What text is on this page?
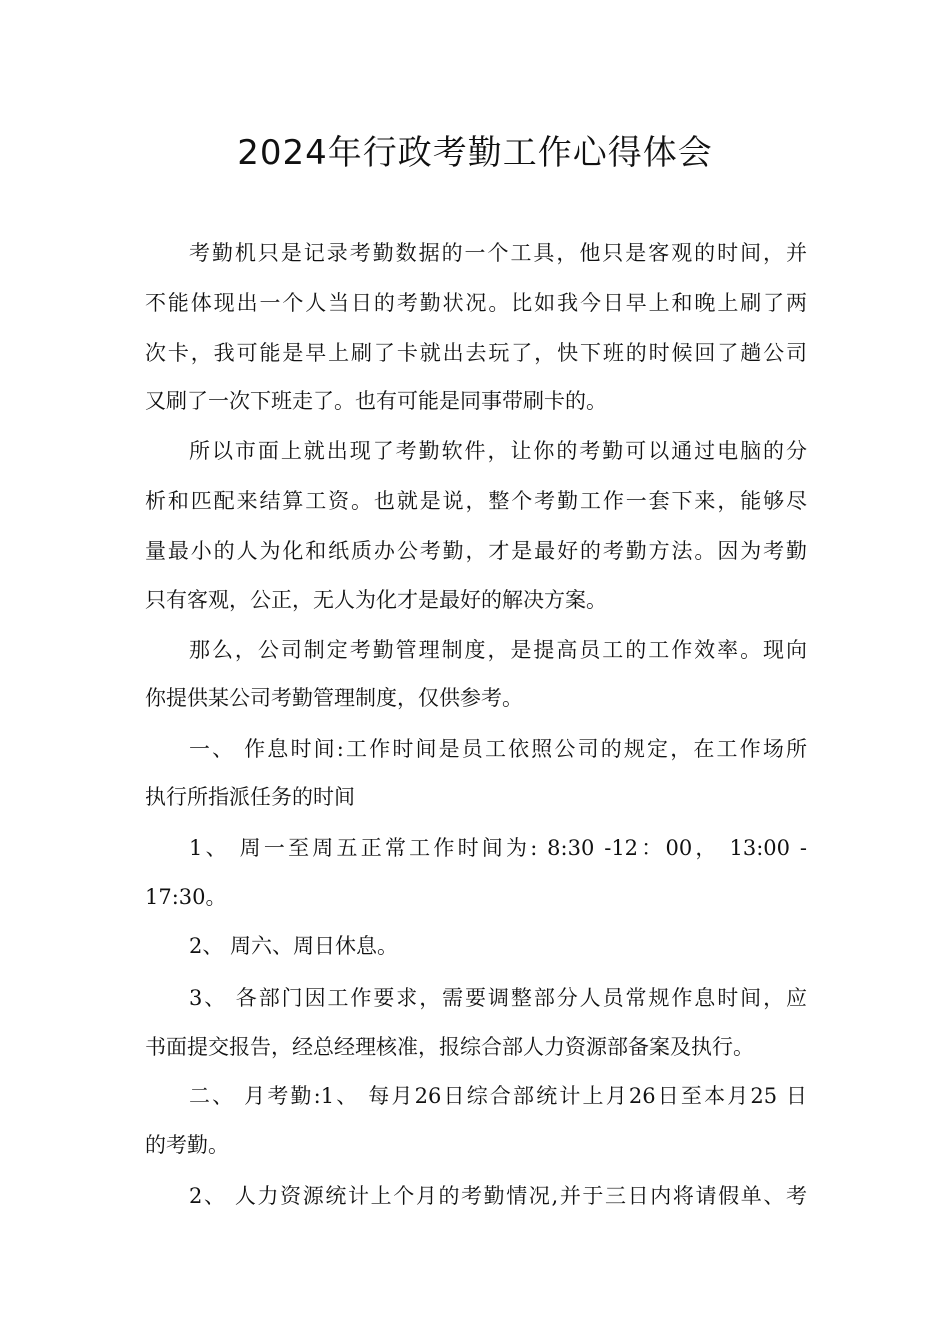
2024年行政考勤工作心得体会
考勤机只是记录考勤数据的一个工具，他只是客观的时间，并
不能体现出一个人当日的考勤状况。比如我今日早上和晚上刷了两
次卡，我可能是早上刷了卡就出去玩了，快下班的时候回了趟公司
又刷了一次下班走了。也有可能是同事带刷卡的。
所以市面上就出现了考勤软件，让你的考勤可以通过电脑的分
析和匹配来结算工资。也就是说，整个考勤工作一套下来，能够尽
量最小的人为化和纸质办公考勤，才是最好的考勤方法。因为考勤
只有客观，公正，无人为化才是最好的解决方案。
那么，公司制定考勤管理制度，是提高员工的工作效率。现向
你提供某公司考勤管理制度，仅供参考。
一、 作息时间:工作时间是员工依照公司的规定，在工作场所
执行所指派任务的时间
1、 周一至周五正常工作时间为: 8:30 -12：00， 13:00 -
17:30。
2、 周六、周日休息。
3、 各部门因工作要求，需要调整部分人员常规作息时间，应
书面提交报告，经总经理核准，报综合部人力资源部备案及执行。
二、 月考勤:1、 每月26日综合部统计上月26日至本月25 日
的考勤。
2、 人力资源统计上个月的考勤情况,并于三日内将请假单、考
